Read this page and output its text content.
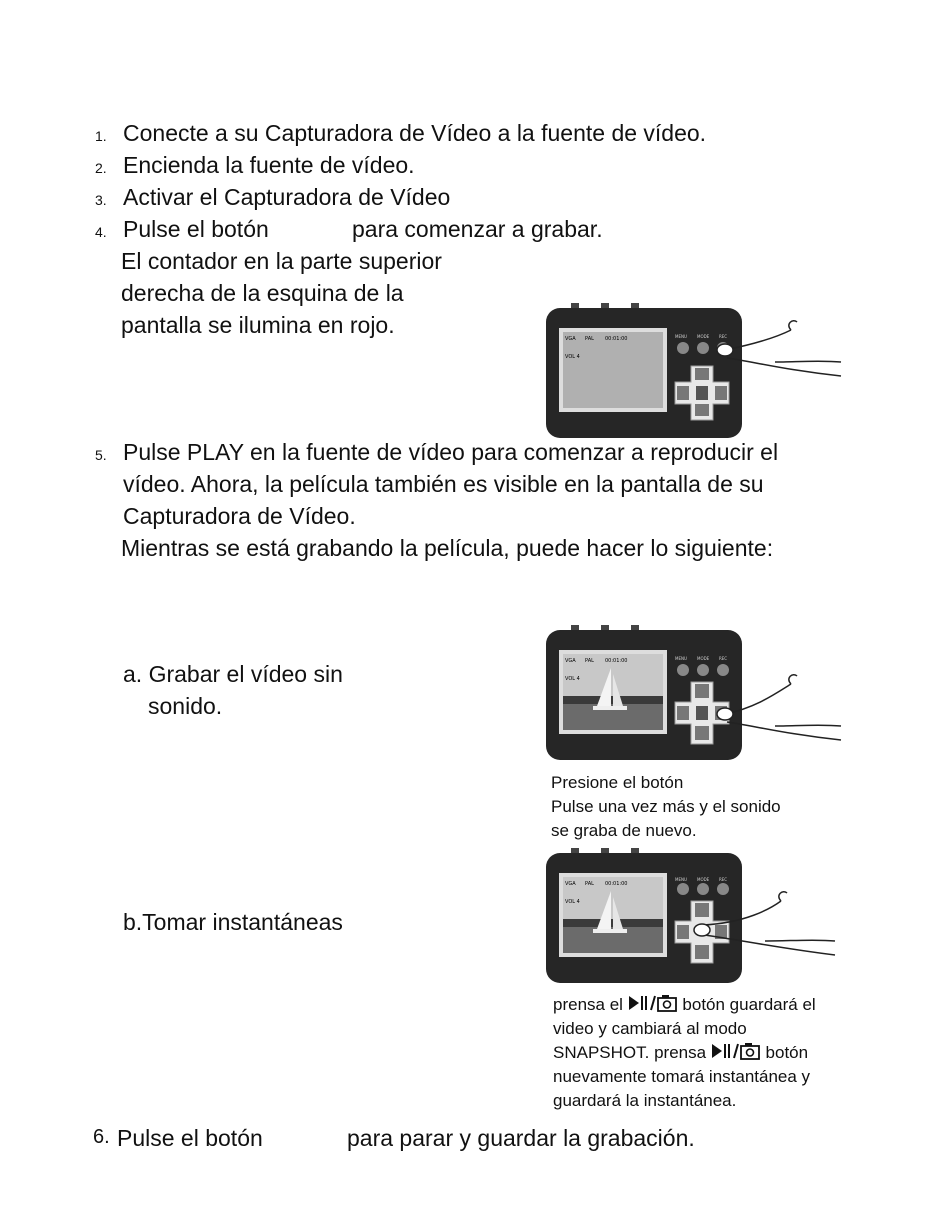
1. Conecte a su Capturadora de Vídeo a la fuente de vídeo.
2. Encienda la fuente de vídeo.
3. Activar el Capturadora de Vídeo
4. Pulse el botón	para comenzar a grabar.
El contador en la parte superior
derecha de la esquina de la
pantalla se ilumina en rojo.
VGA PAL 00:01:00
VOL 4
MENU	MODE REC
5. Pulse PLAY en la fuente de vídeo para comenzar a reproducir el
vídeo. Ahora, la película también es visible en la pantalla de su
Capturadora de Vídeo.
Mientras se está grabando la película, puede hacer lo siguiente:
a. Grabar el vídeo sin
sonido.
VGA PAL 00:01:00
VOL 4
MENU	MODE REC
Presione el botón
Pulse una vez más y el sonido
se graba de nuevo.
VGA PAL 00:01:00
VOL 4
MENU	MODE REC
b.Tomar instantáneas
prensa el	botón guardará el
video y cambiará al modo
SNAPSHOT. prensa	botón
nuevamente tomará instantánea y
guardará la instantánea.
6. Pulse el botón	para parar y guardar la grabación.
